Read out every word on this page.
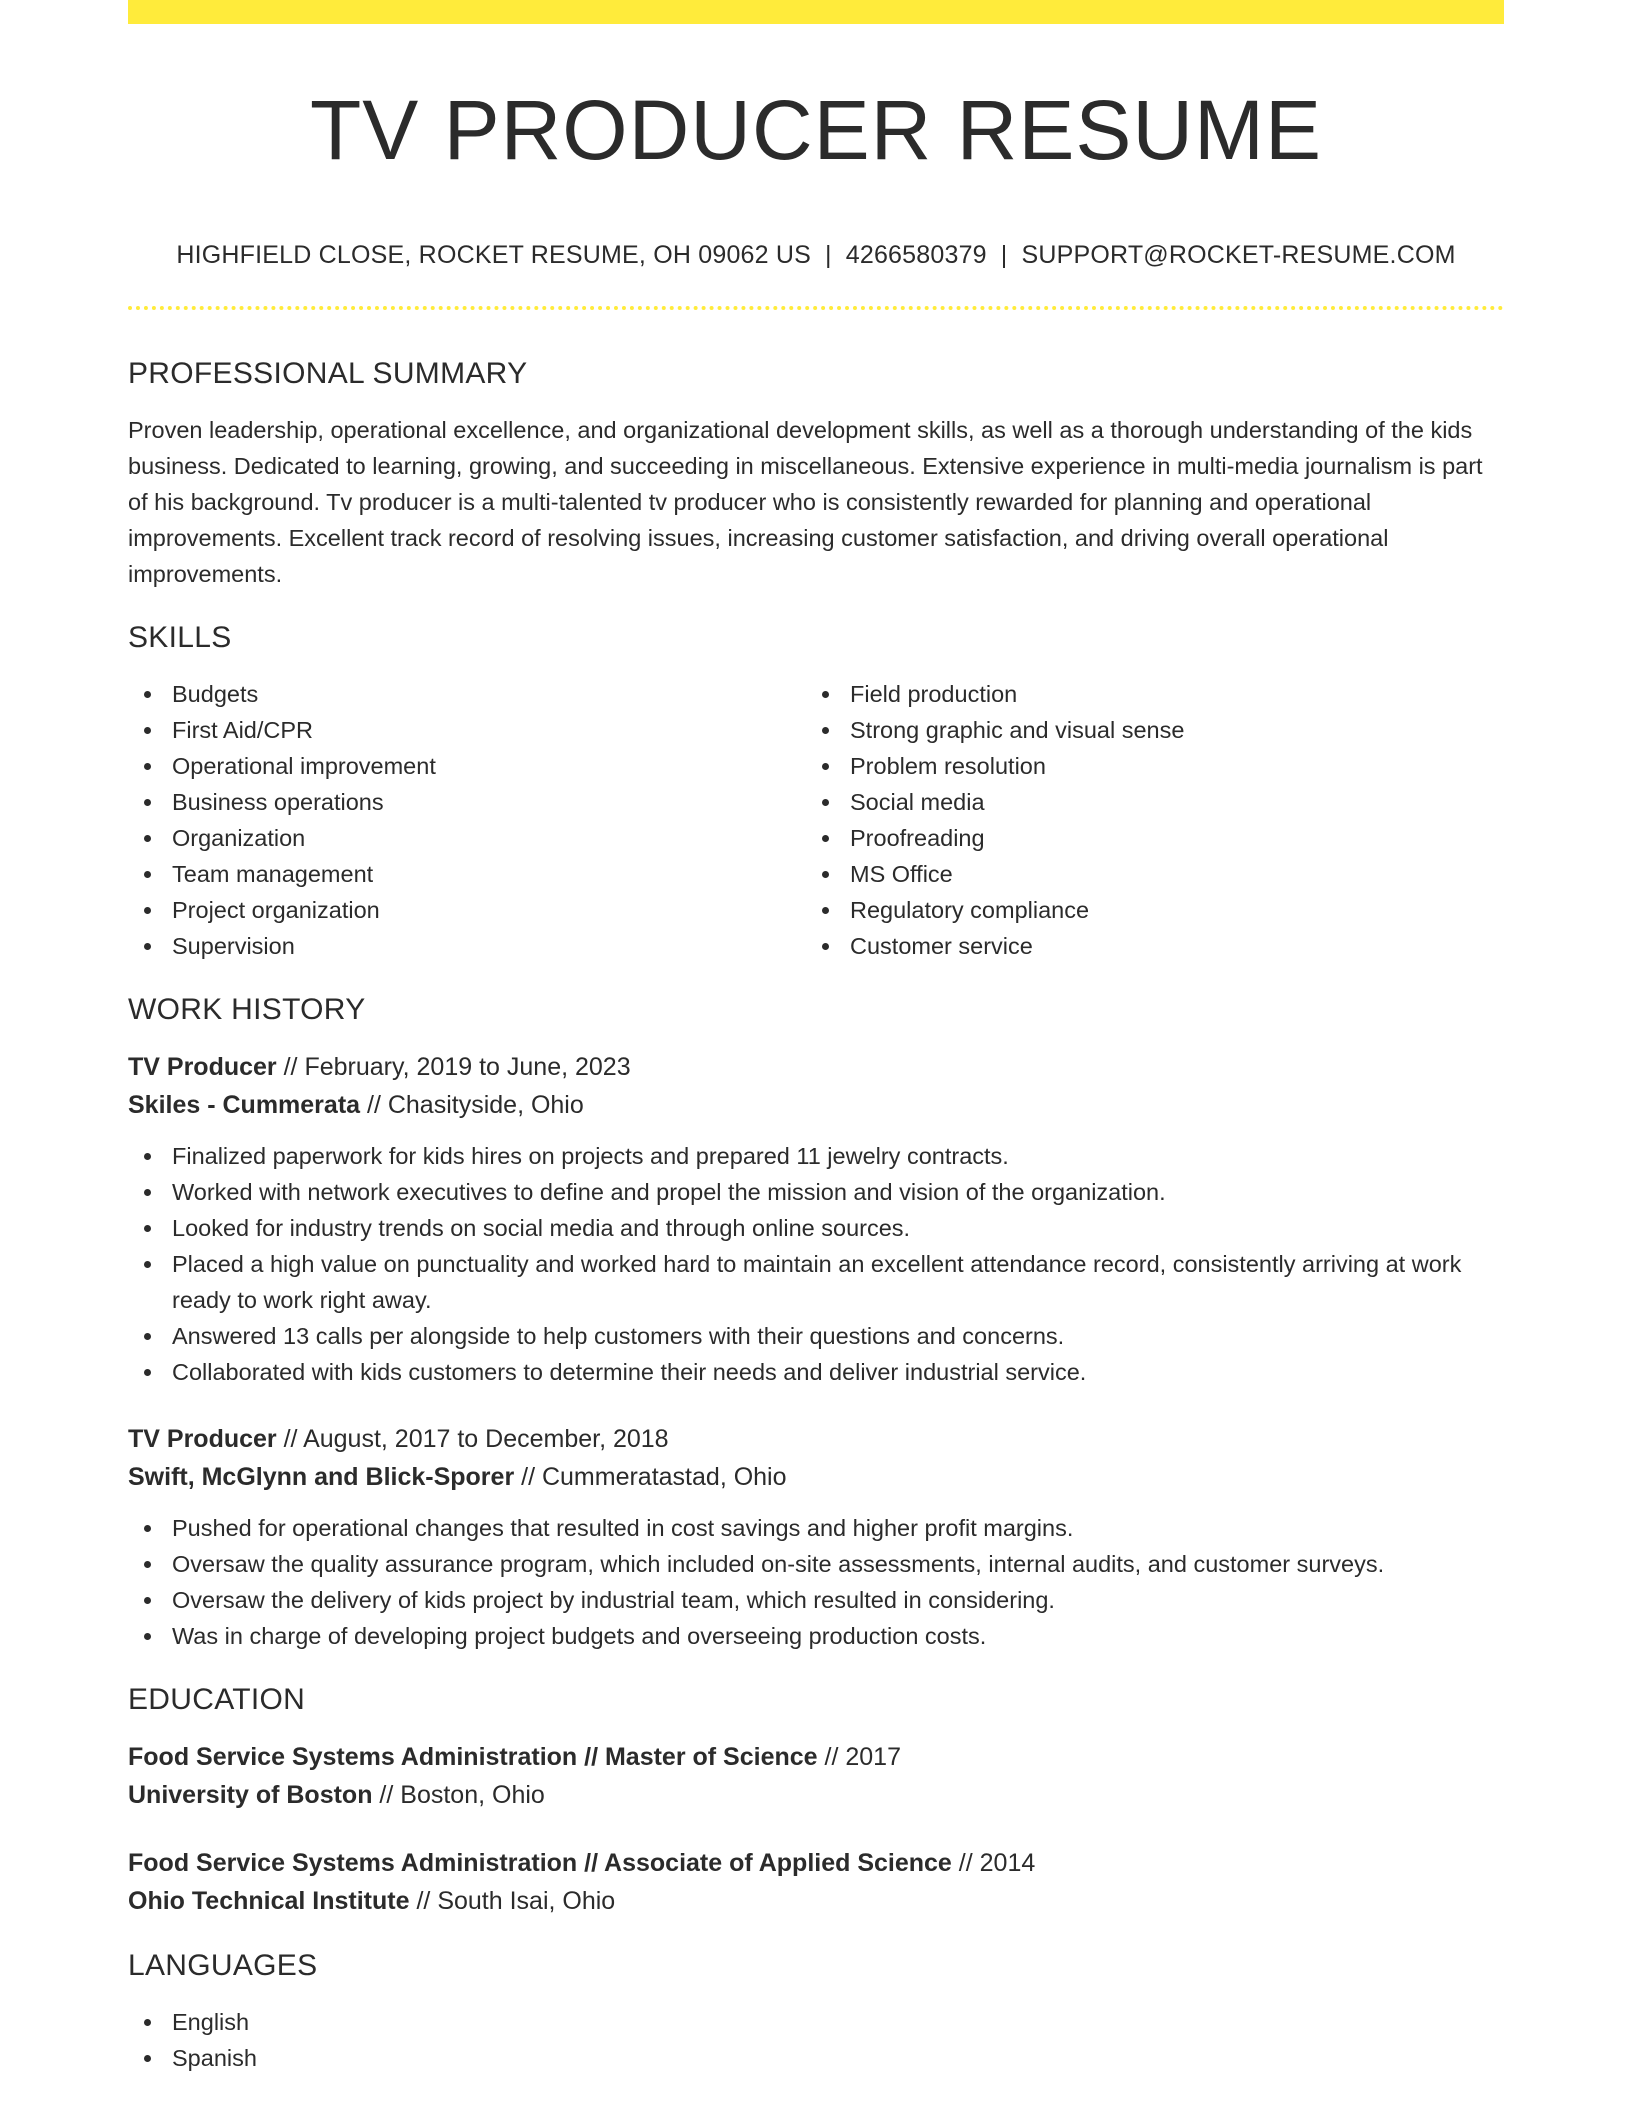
TV PRODUCER RESUME
HIGHFIELD CLOSE, ROCKET RESUME, OH 09062 US | 4266580379 | SUPPORT@ROCKET-RESUME.COM
PROFESSIONAL SUMMARY

Proven leadership, operational excellence, and organizational development skills, as well as a thorough understanding of the kids business. Dedicated to learning, growing, and succeeding in miscellaneous. Extensive experience in multi-media journalism is part of his background. Tv producer is a multi-talented tv producer who is consistently rewarded for planning and operational improvements. Excellent track record of resolving issues, increasing customer satisfaction, and driving overall operational improvements.

SKILLS
Budgets
First Aid/CPR
Operational improvement
Business operations
Organization
Team management
Project organization
Supervision
Field production
Strong graphic and visual sense
Problem resolution
Social media
Proofreading
MS Office
Regulatory compliance
Customer service
WORK HISTORY
TV Producer // February, 2019 to June, 2023
Skiles - Cummerata // Chasityside, Ohio
Finalized paperwork for kids hires on projects and prepared 11 jewelry contracts.
Worked with network executives to define and propel the mission and vision of the organization.
Looked for industry trends on social media and through online sources.
Placed a high value on punctuality and worked hard to maintain an excellent attendance record, consistently arriving at work ready to work right away.
Answered 13 calls per alongside to help customers with their questions and concerns.
Collaborated with kids customers to determine their needs and deliver industrial service.
TV Producer // August, 2017 to December, 2018
Swift, McGlynn and Blick-Sporer // Cummeratastad, Ohio
Pushed for operational changes that resulted in cost savings and higher profit margins.
Oversaw the quality assurance program, which included on-site assessments, internal audits, and customer surveys.
Oversaw the delivery of kids project by industrial team, which resulted in considering.
Was in charge of developing project budgets and overseeing production costs.
EDUCATION
Food Service Systems Administration // Master of Science // 2017
University of Boston // Boston, Ohio
Food Service Systems Administration // Associate of Applied Science // 2014
Ohio Technical Institute // South Isai, Ohio
LANGUAGES
English
Spanish
